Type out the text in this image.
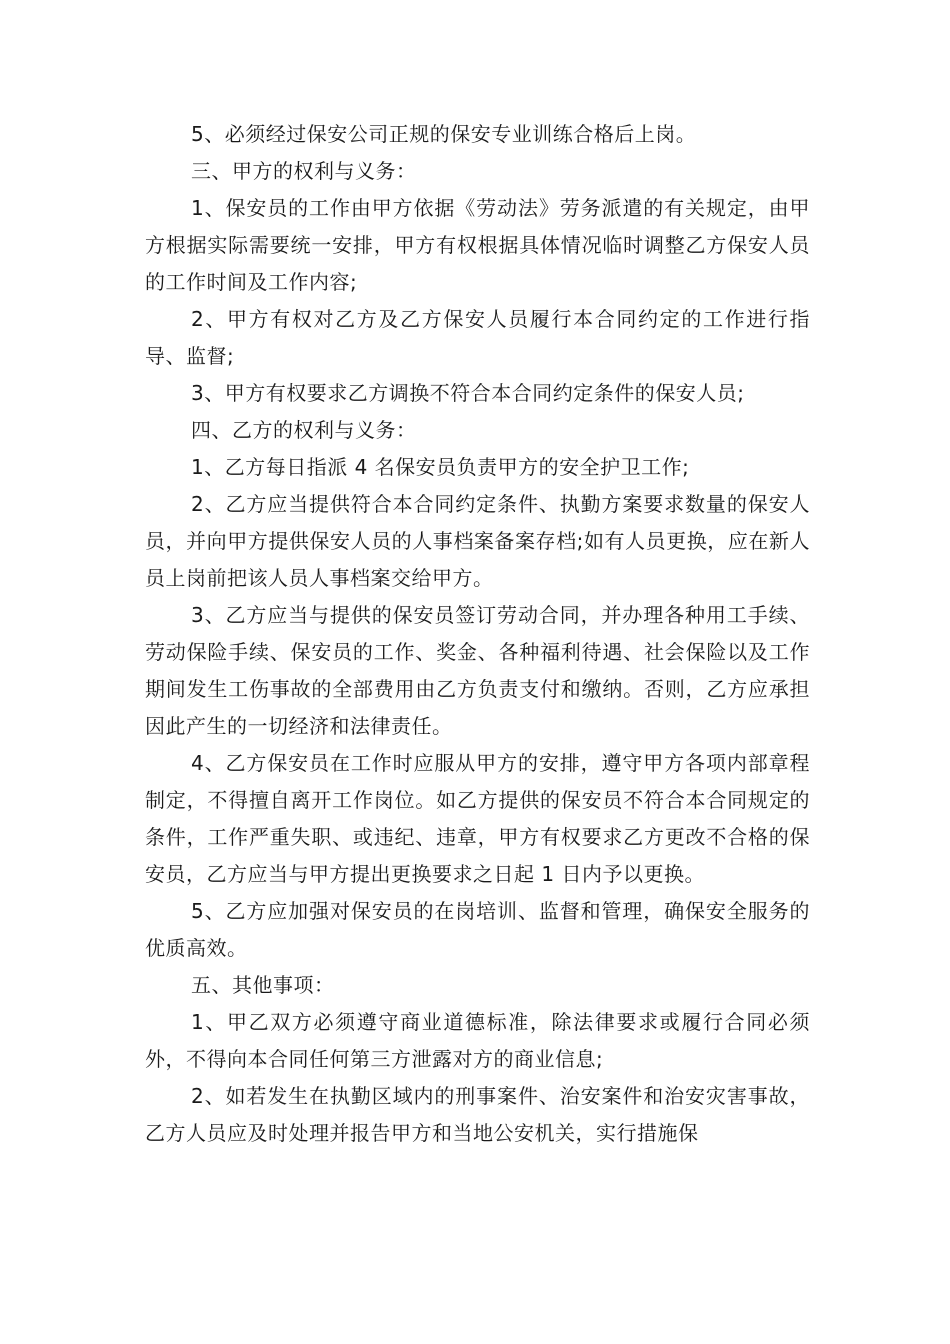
5、必须经过保安公司正规的保安专业训练合格后上岗。

三、甲方的权利与义务：

1、保安员的工作由甲方依据《劳动法》劳务派遣的有关规定，由甲方根据实际需要统一安排，甲方有权根据具体情况临时调整乙方保安人员的工作时间及工作内容;

2、甲方有权对乙方及乙方保安人员履行本合同约定的工作进行指导、监督;

3、甲方有权要求乙方调换不符合本合同约定条件的保安人员;

四、乙方的权利与义务：

1、乙方每日指派 4 名保安员负责甲方的安全护卫工作;

2、乙方应当提供符合本合同约定条件、执勤方案要求数量的保安人员，并向甲方提供保安人员的人事档案备案存档;如有人员更换，应在新人员上岗前把该人员人事档案交给甲方。

3、乙方应当与提供的保安员签订劳动合同，并办理各种用工手续、劳动保险手续、保安员的工作、奖金、各种福利待遇、社会保险以及工作期间发生工伤事故的全部费用由乙方负责支付和缴纳。否则，乙方应承担因此产生的一切经济和法律责任。

4、乙方保安员在工作时应服从甲方的安排，遵守甲方各项内部章程制定，不得擅自离开工作岗位。如乙方提供的保安员不符合本合同规定的条件，工作严重失职、或违纪、违章，甲方有权要求乙方更改不合格的保安员，乙方应当与甲方提出更换要求之日起 1 日内予以更换。

5、乙方应加强对保安员的在岗培训、监督和管理，确保安全服务的优质高效。

五、其他事项：

1、甲乙双方必须遵守商业道德标准，除法律要求或履行合同必须外，不得向本合同任何第三方泄露对方的商业信息;

2、如若发生在执勤区域内的刑事案件、治安案件和治安灾害事故，乙方人员应及时处理并报告甲方和当地公安机关，实行措施保
